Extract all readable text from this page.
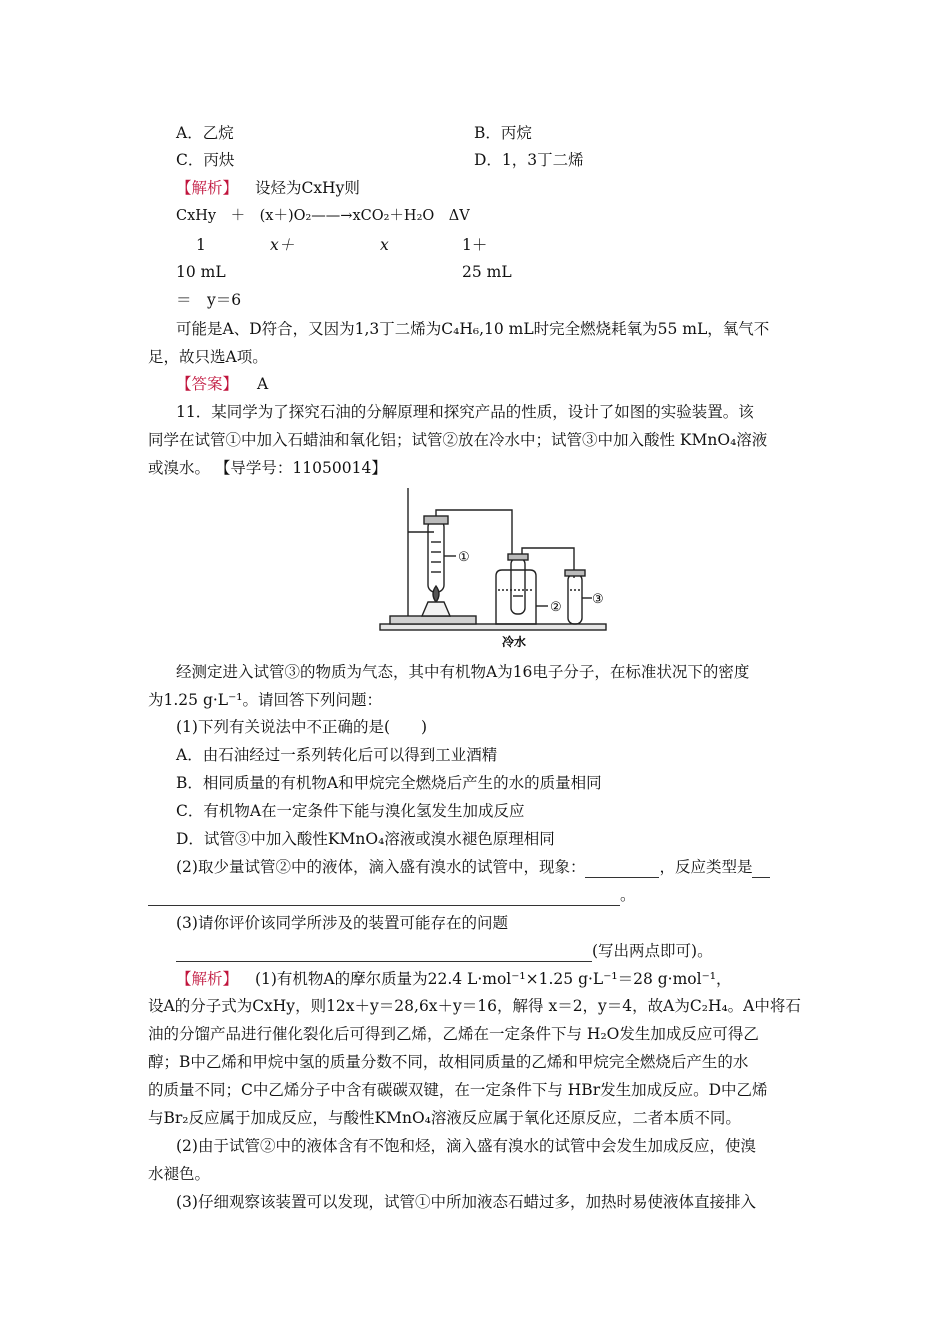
A．乙烷	B．丙烷
C．丙炔	D．1，3丁二烯
【解析】 设烃为CxHy则
CxHy　＋　(x＋)O₂——→xCO₂＋H₂O　ΔV
1	x＋	x	1＋
10 mL	25 mL
＝　y＝6
可能是A、D符合，又因为1,3丁二烯为C₄H₆,10 mL时完全燃烧耗氧为55 mL，氧气不
足，故只选A项。
【答案】 A
11．某同学为了探究石油的分解原理和探究产品的性质，设计了如图的实验装置。该
同学在试管①中加入石蜡油和氧化铝；试管②放在冷水中；试管③中加入酸性 KMnO₄溶液
或溴水。 【导学号：11050014】
①
②
③
冷水
经测定进入试管③的物质为气态，其中有机物A为16电子分子，在标准状况下的密度
为1.25 g·L⁻¹。请回答下列问题：
(1)下列有关说法中不正确的是(　　)
A．由石油经过一系列转化后可以得到工业酒精
B．相同质量的有机物A和甲烷完全燃烧后产生的水的质量相同
C．有机物A在一定条件下能与溴化氢发生加成反应
D．试管③中加入酸性KMnO₄溶液或溴水褪色原理相同
(2)取少量试管②中的液体，滴入盛有溴水的试管中，现象：	，反应类型是
。
(3)请你评价该同学所涉及的装置可能存在的问题
(写出两点即可)。
【解析】 (1)有机物A的摩尔质量为22.4 L·mol⁻¹×1.25 g·L⁻¹＝28 g·mol⁻¹，
设A的分子式为CxHy，则12x＋y＝28,6x＋y＝16，解得 x＝2，y＝4，故A为C₂H₄。A中将石
油的分馏产品进行催化裂化后可得到乙烯，乙烯在一定条件下与 H₂O发生加成反应可得乙
醇；B中乙烯和甲烷中氢的质量分数不同，故相同质量的乙烯和甲烷完全燃烧后产生的水
的质量不同；C中乙烯分子中含有碳碳双键，在一定条件下与 HBr发生加成反应。D中乙烯
与Br₂反应属于加成反应，与酸性KMnO₄溶液反应属于氧化还原反应，二者本质不同。
(2)由于试管②中的液体含有不饱和烃，滴入盛有溴水的试管中会发生加成反应，使溴
水褪色。
(3)仔细观察该装置可以发现，试管①中所加液态石蜡过多，加热时易使液体直接排入
